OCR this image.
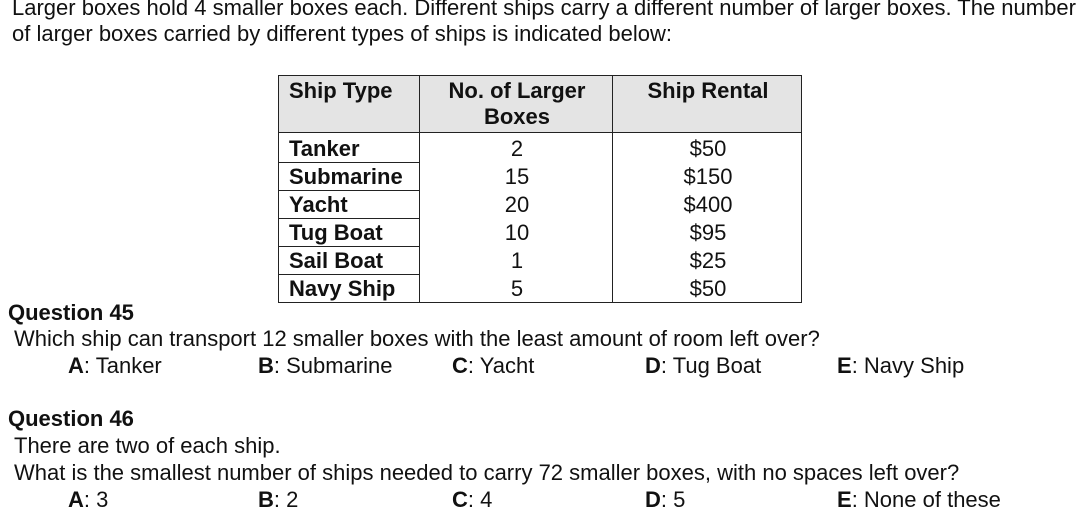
Larger boxes hold 4 smaller boxes each. Different ships carry a different number of larger boxes. The number of larger boxes carried by different types of ships is indicated below:
Ship Type	No. of Larger Boxes	Ship Rental
Tanker	2	$50
Submarine	15	$150
Yacht	20	$400
Tug Boat	10	$95
Sail Boat	1	$25
Navy Ship	5	$50
Question 45
Which ship can transport 12 smaller boxes with the least amount of room left over?
A: Tanker	B: Submarine	C: Yacht	D: Tug Boat	E: Navy Ship
Question 46
There are two of each ship.
What is the smallest number of ships needed to carry 72 smaller boxes, with no spaces left over?
A: 3	B: 2	C: 4	D: 5	E: None of these
